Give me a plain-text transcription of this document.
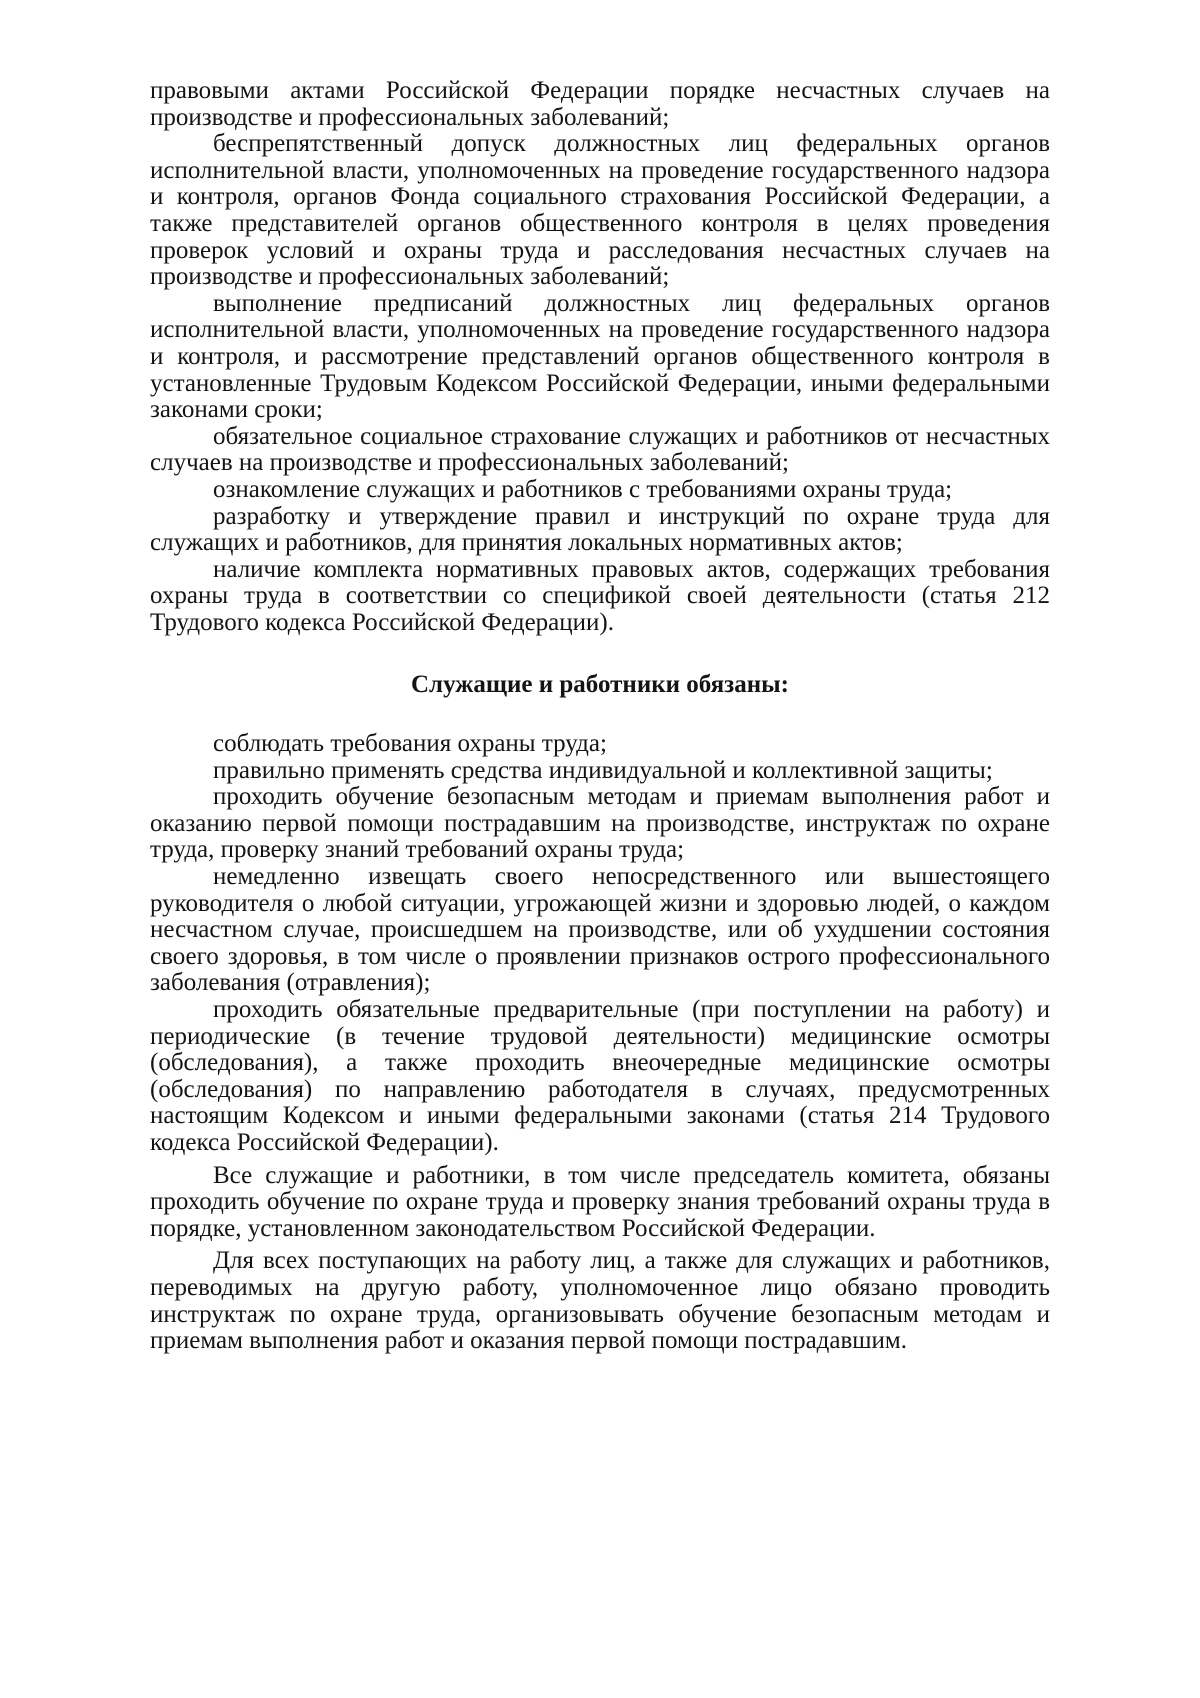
правовыми актами Российской Федерации порядке несчастных случаев на производстве и профессиональных заболеваний;

беспрепятственный допуск должностных лиц федеральных органов исполнительной власти, уполномоченных на проведение государственного надзора и контроля, органов Фонда социального страхования Российской Федерации, а также представителей органов общественного контроля в целях проведения проверок условий и охраны труда и расследования несчастных случаев на производстве и профессиональных заболеваний;

выполнение предписаний должностных лиц федеральных органов исполнительной власти, уполномоченных на проведение государственного надзора и контроля, и рассмотрение представлений органов общественного контроля в установленные Трудовым Кодексом Российской Федерации, иными федеральными законами сроки;

обязательное социальное страхование служащих и работников от несчастных случаев на производстве и профессиональных заболеваний;

ознакомление служащих и работников с требованиями охраны труда;

разработку и утверждение правил и инструкций по охране труда для служащих и работников, для принятия локальных нормативных актов;

наличие комплекта нормативных правовых актов, содержащих требования охраны труда в соответствии со спецификой своей деятельности (статья 212 Трудового кодекса Российской Федерации).

Служащие и работники обязаны:

соблюдать требования охраны труда;

правильно применять средства индивидуальной и коллективной защиты;

проходить обучение безопасным методам и приемам выполнения работ и оказанию первой помощи пострадавшим на производстве, инструктаж по охране труда, проверку знаний требований охраны труда;

немедленно извещать своего непосредственного или вышестоящего руководителя о любой ситуации, угрожающей жизни и здоровью людей, о каждом несчастном случае, происшедшем на производстве, или об ухудшении состояния своего здоровья, в том числе о проявлении признаков острого профессионального заболевания (отравления);

проходить обязательные предварительные (при поступлении на работу) и периодические (в течение трудовой деятельности) медицинские осмотры (обследования), а также проходить внеочередные медицинские осмотры (обследования) по направлению работодателя в случаях, предусмотренных настоящим Кодексом и иными федеральными законами (статья 214 Трудового кодекса Российской Федерации).

Все служащие и работники, в том числе председатель комитета, обязаны проходить обучение по охране труда и проверку знания требований охраны труда в порядке, установленном законодательством Российской Федерации.

Для всех поступающих на работу лиц, а также для служащих и работников, переводимых на другую работу, уполномоченное лицо обязано проводить инструктаж по охране труда, организовывать обучение безопасным методам и приемам выполнения работ и оказания первой помощи пострадавшим.
